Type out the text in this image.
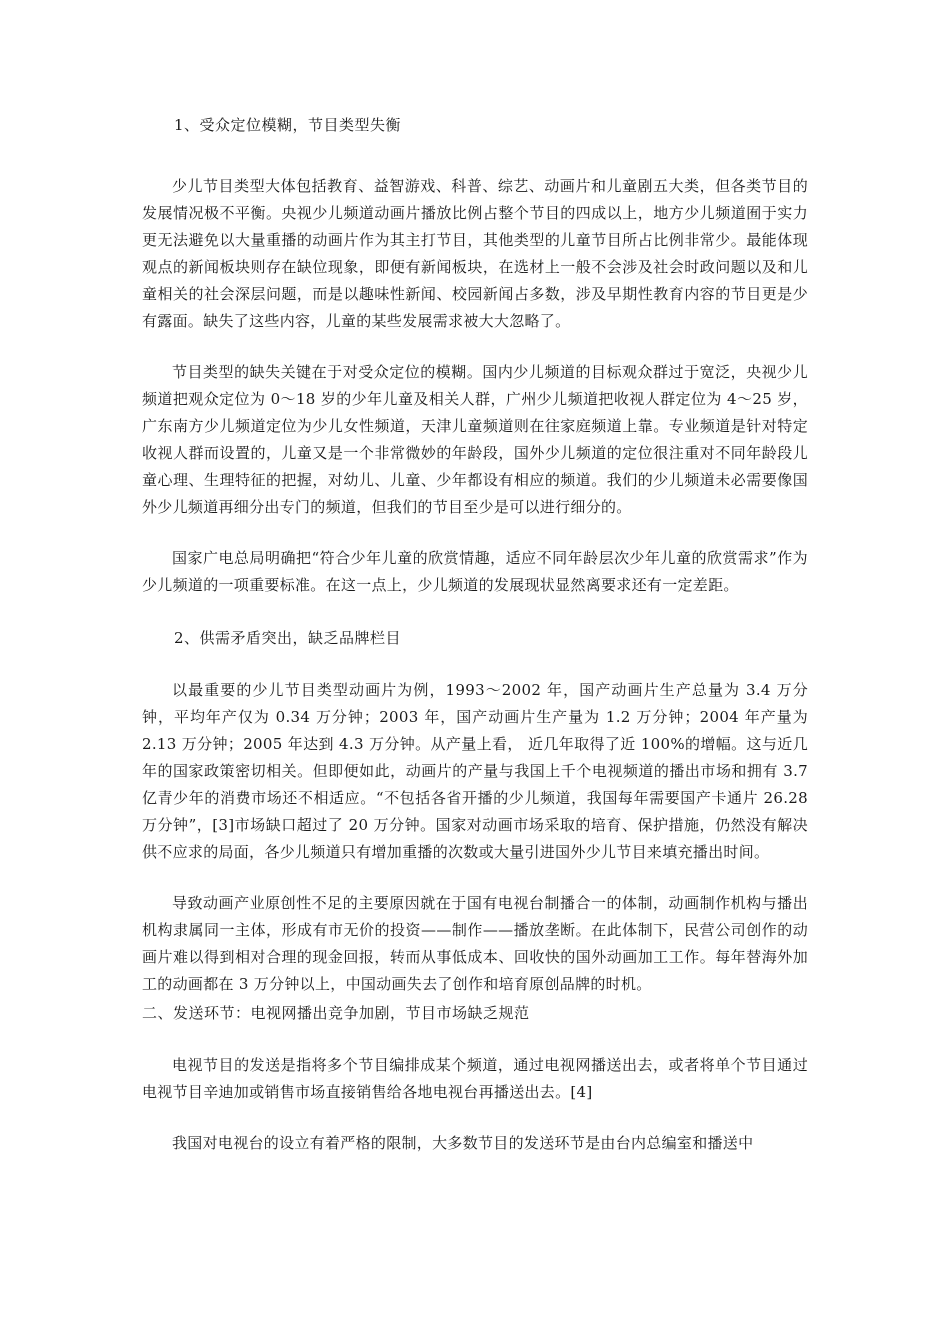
1、受众定位模糊，节目类型失衡

少儿节目类型大体包括教育、益智游戏、科普、综艺、动画片和儿童剧五大类，但各类节目的发展情况极不平衡。央视少儿频道动画片播放比例占整个节目的四成以上，地方少儿频道囿于实力更无法避免以大量重播的动画片作为其主打节目，其他类型的儿童节目所占比例非常少。最能体现观点的新闻板块则存在缺位现象，即便有新闻板块，在选材上一般不会涉及社会时政问题以及和儿童相关的社会深层问题，而是以趣味性新闻、校园新闻占多数，涉及早期性教育内容的节目更是少有露面。缺失了这些内容，儿童的某些发展需求被大大忽略了。

节目类型的缺失关键在于对受众定位的模糊。国内少儿频道的目标观众群过于宽泛，央视少儿频道把观众定位为 0～18 岁的少年儿童及相关人群，广州少儿频道把收视人群定位为 4～25 岁，广东南方少儿频道定位为少儿女性频道，天津儿童频道则在往家庭频道上靠。专业频道是针对特定收视人群而设置的，儿童又是一个非常微妙的年龄段，国外少儿频道的定位很注重对不同年龄段儿童心理、生理特征的把握，对幼儿、儿童、少年都设有相应的频道。我们的少儿频道未必需要像国外少儿频道再细分出专门的频道，但我们的节目至少是可以进行细分的。

国家广电总局明确把“符合少年儿童的欣赏情趣，适应不同年龄层次少年儿童的欣赏需求”作为少儿频道的一项重要标准。在这一点上，少儿频道的发展现状显然离要求还有一定差距。

2、供需矛盾突出，缺乏品牌栏目

以最重要的少儿节目类型动画片为例，1993～2002 年，国产动画片生产总量为 3.4 万分钟，平均年产仅为 0.34 万分钟；2003 年，国产动画片生产量为 1.2 万分钟；2004 年产量为 2.13 万分钟；2005 年达到 4.3 万分钟。从产量上看， 近几年取得了近 100%的增幅。这与近几年的国家政策密切相关。但即便如此，动画片的产量与我国上千个电视频道的播出市场和拥有 3.7 亿青少年的消费市场还不相适应。“不包括各省开播的少儿频道，我国每年需要国产卡通片 26.28 万分钟”，[3]市场缺口超过了 20 万分钟。国家对动画市场采取的培育、保护措施，仍然没有解决供不应求的局面，各少儿频道只有增加重播的次数或大量引进国外少儿节目来填充播出时间。

导致动画产业原创性不足的主要原因就在于国有电视台制播合一的体制，动画制作机构与播出机构隶属同一主体，形成有市无价的投资——制作——播放垄断。在此体制下，民营公司创作的动画片难以得到相对合理的现金回报，转而从事低成本、回收快的国外动画加工工作。每年替海外加工的动画都在 3 万分钟以上，中国动画失去了创作和培育原创品牌的时机。

二、发送环节：电视网播出竞争加剧，节目市场缺乏规范

电视节目的发送是指将多个节目编排成某个频道，通过电视网播送出去，或者将单个节目通过电视节目辛迪加或销售市场直接销售给各地电视台再播送出去。[4]

我国对电视台的设立有着严格的限制，大多数节目的发送环节是由台内总编室和播送中
